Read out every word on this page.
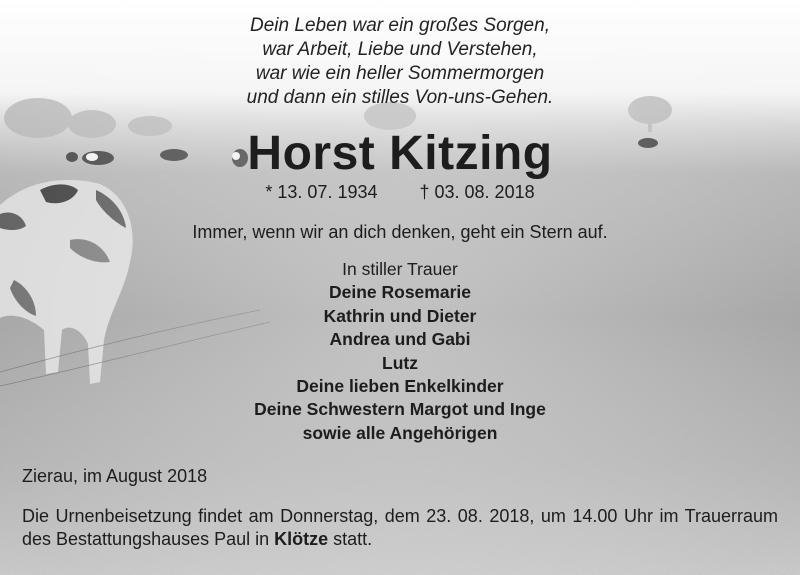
Dein Leben war ein großes Sorgen,
war Arbeit, Liebe und Verstehen,
war wie ein heller Sommermorgen
und dann ein stilles Von-uns-Gehen.
Horst Kitzing
* 13. 07. 1934 † 03. 08. 2018
Immer, wenn wir an dich denken, geht ein Stern auf.
In stiller Trauer
Deine Rosemarie
Kathrin und Dieter
Andrea und Gabi
Lutz
Deine lieben Enkelkinder
Deine Schwestern Margot und Inge
sowie alle Angehörigen
Zierau, im August 2018
Die Urnenbeisetzung findet am Donnerstag, dem 23. 08. 2018, um 14.00 Uhr im Trauerraum des Bestattungshauses Paul in Klötze statt.
